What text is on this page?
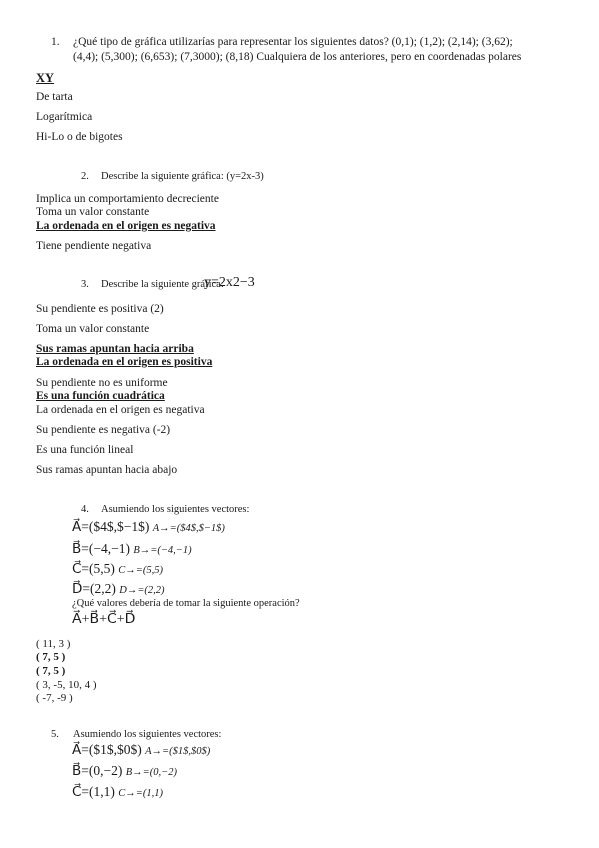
1. ¿Qué tipo de gráfica utilizarías para representar los siguientes datos? (0,1); (1,2); (2,14); (3,62);
(4,4); (5,300); (6,653); (7,3000); (8,18) Cualquiera de los anteriores, pero en coordenadas polares
XY
De tarta
Logarítmica
Hi-Lo o de bigotes
2. Describe la siguiente gráfica: (y=2x-3)
Implica un comportamiento decreciente
Toma un valor constante
La ordenada en el origen es negativa
Tiene pendiente negativa
3. Describe la siguiente gráfica:
y=2x2−3
Su pendiente es positiva (2)
Toma un valor constante
Sus ramas apuntan hacia arriba
La ordenada en el origen es positiva
Su pendiente no es uniforme
Es una función cuadrática
La ordenada en el origen es negativa
Su pendiente es negativa (-2)
Es una función lineal
Sus ramas apuntan hacia abajo
4. Asumiendo los siguientes vectores:
A⃗=($4$,$−1$) A→=($4$,$−1$)
B⃗=(−4,−1) B→=(−4,−1)
C⃗=(5,5) C→=(5,5)
D⃗=(2,2) D→=(2,2)
¿Qué valores debería de tomar la siguiente operación?
A⃗+B⃗+C⃗+D⃗
( 11, 3 )
( 7, 5 )
( 7, 5 )
( 3, -5, 10, 4 )
( -7, -9 )
5. Asumiendo los siguientes vectores:
A⃗=($1$,$0$) A→=($1$,$0$)
B⃗=(0,−2) B→=(0,−2)
C⃗=(1,1) C→=(1,1)
